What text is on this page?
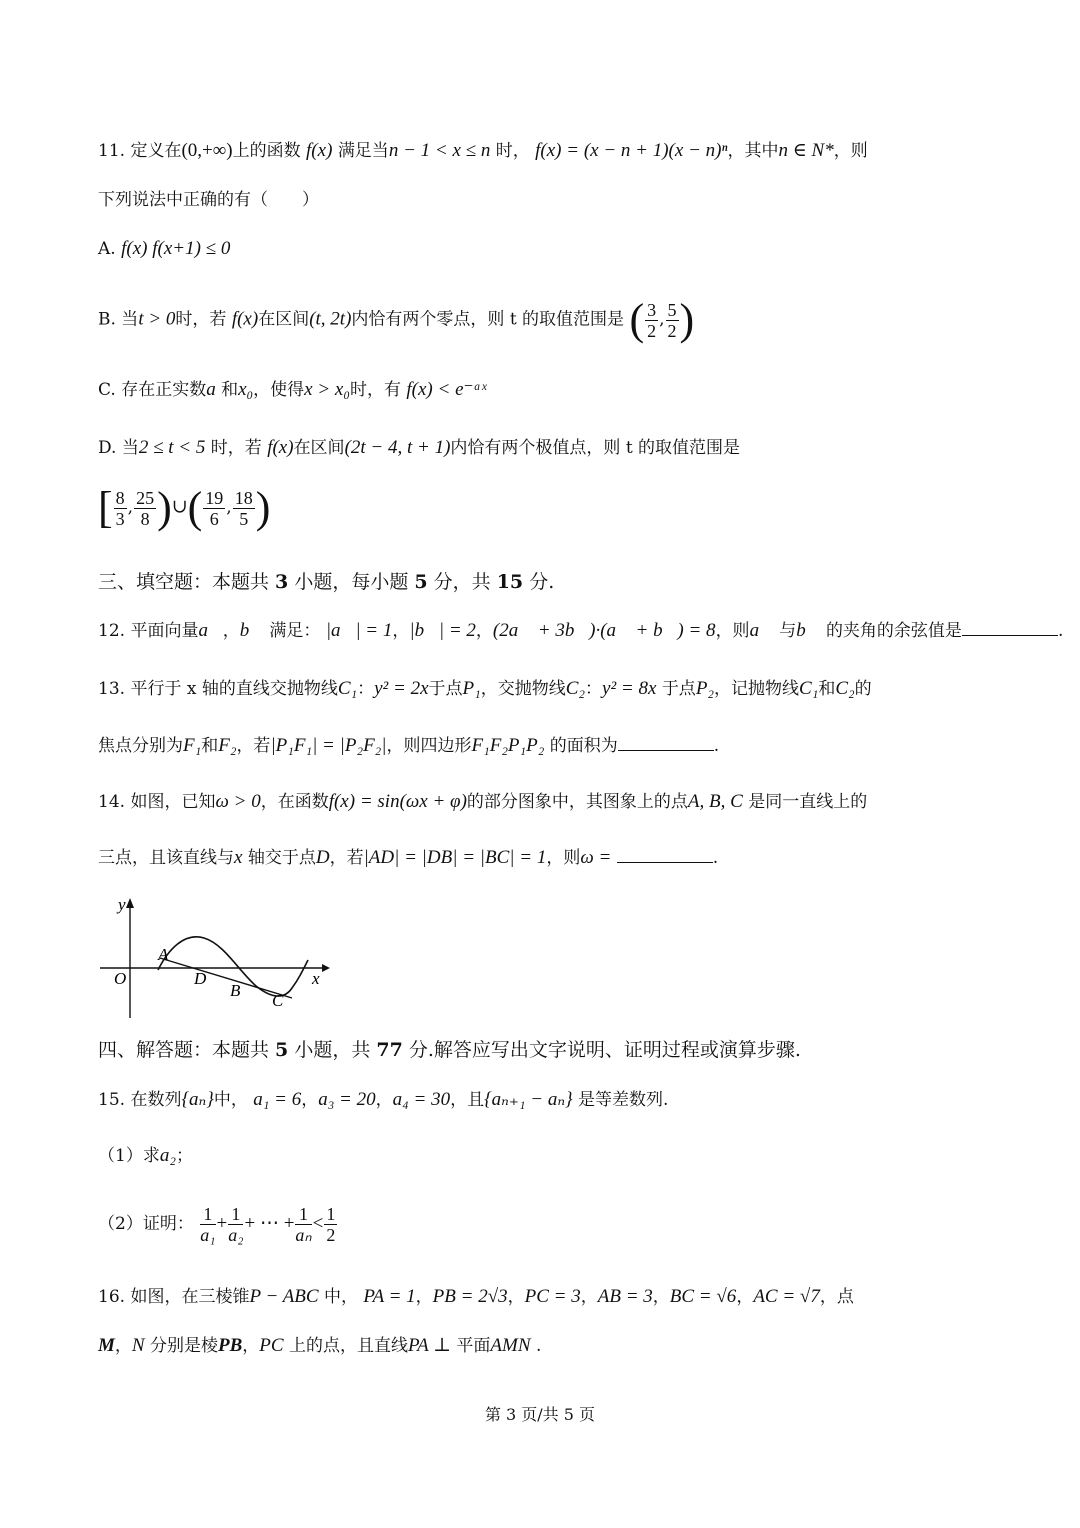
11. 定义在(0,+∞)上的函数 f(x) 满足当n − 1 < x ≤ n 时， f(x) = (x − n + 1)(x − n)ⁿ，其中n ∈ N*，则
下列说法中正确的有（　　）
A. f(x) f(x+1) ≤ 0
B. 当t > 0时，若 f(x)在区间(t, 2t)内恰有两个零点，则 t 的取值范围是 ( $\frac{3}{2}$ , $\frac{5}{2}$ )
C. 存在正实数a 和x₀，使得x > x₀时，有 f(x) < e⁻ᵃˣ
D. 当2 ≤ t < 5 时，若 f(x)在区间(2t − 4, t + 1)内恰有两个极值点，则 t 的取值范围是
[ $\frac{8}{3}$ , $\frac{25}{8}$ )∪( $\frac{19}{6}$ , $\frac{18}{5}$ )
三、填空题：本题共 3 小题，每小题 5 分，共 15 分.
12. 平面向量a⃗，b⃗ 满足： |a⃗| = 1，|b⃗| = 2，(2a⃗ + 3b⃗)·(a⃗ + b⃗) = 8，则a⃗ 与b⃗ 的夹角的余弦值是	.
13. 平行于 x 轴的直线交抛物线C₁：y² = 2x于点P₁，交抛物线C₂：y² = 8x 于点P₂，记抛物线C₁和C₂的
焦点分别为F₁和F₂，若|P₁F₁| = |P₂F₂|，则四边形F₁F₂P₁P₂ 的面积为	.
14. 如图，已知ω > 0，在函数f(x) = sin(ωx + φ)的部分图象中，其图象上的点A, B, C 是同一直线上的
三点，且该直线与x 轴交于点D，若|AD| = |DB| = |BC| = 1，则ω =	.
y
x
O
A
D
B
C
四、解答题：本题共 5 小题，共 77 分.解答应写出文字说明、证明过程或演算步骤.
15. 在数列{aₙ}中， a₁ = 6，a₃ = 20，a₄ = 30，且{aₙ₊₁ − aₙ} 是等差数列.
（1）求a₂；
（2）证明： $\frac{1}{\text{a₁}} + \frac{1}{\text{a₂}}$ + ⋯ + $\frac{1}{\text{aₙ}} < \frac{1}{2}$
16. 如图，在三棱锥P − ABC 中， PA = 1，PB = 2√3，PC = 3，AB = 3，BC = √6，AC = √7，点
M，N 分别是棱PB，PC 上的点，且直线PA ⊥ 平面AMN .
第 3 页/共 5 页
